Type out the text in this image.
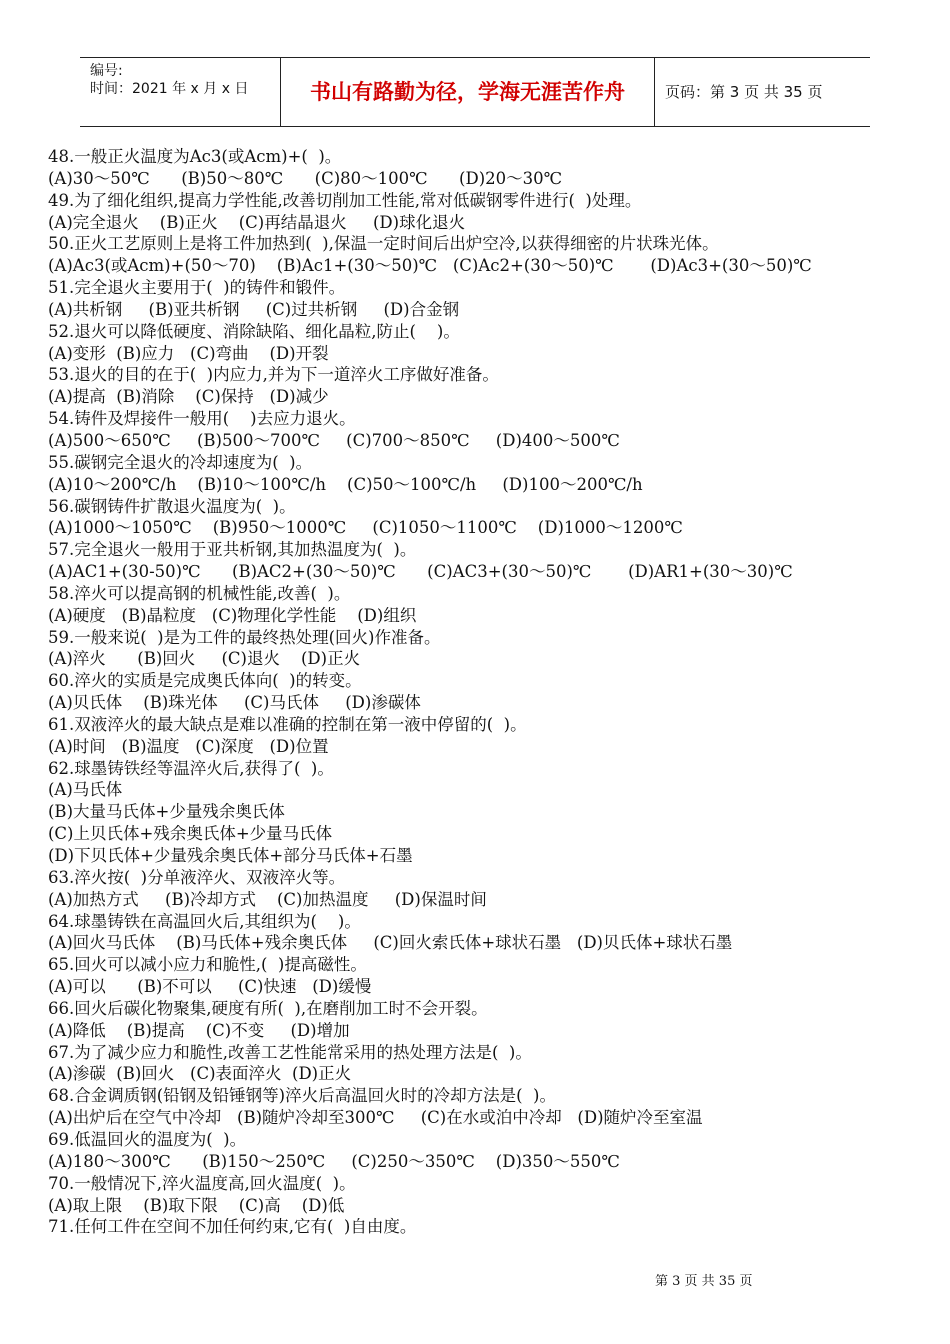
编号:
时间：2021 年 x 月 x 日	书山有路勤为径，学海无涯苦作舟	页码：第 3 页 共 35 页
48.一般正火温度为Ac3(或Acm)+(  )。
(A)30～50℃      (B)50～80℃      (C)80～100℃      (D)20～30℃
49.为了细化组织,提高力学性能,改善切削加工性能,常对低碳钢零件进行(  )处理。
(A)完全退火    (B)正火    (C)再结晶退火     (D)球化退火
50.正火工艺原则上是将工件加热到(  ),保温一定时间后出炉空冷,以获得细密的片状珠光体。
(A)Ac3(或Acm)+(50～70)    (B)Ac1+(30～50)℃   (C)Ac2+(30～50)℃       (D)Ac3+(30～50)℃
51.完全退火主要用于(  )的铸件和锻件。
(A)共析钢     (B)亚共析钢     (C)过共析钢     (D)合金钢
52.退火可以降低硬度、消除缺陷、细化晶粒,防止(    )。
(A)变形  (B)应力   (C)弯曲    (D)开裂
53.退火的目的在于(  )内应力,并为下一道淬火工序做好准备。
(A)提高  (B)消除    (C)保持   (D)减少
54.铸件及焊接件一般用(    )去应力退火。
(A)500～650℃     (B)500～700℃     (C)700～850℃     (D)400～500℃
55.碳钢完全退火的冷却速度为(  )。
(A)10～200℃/h    (B)10～100℃/h    (C)50～100℃/h     (D)100～200℃/h
56.碳钢铸件扩散退火温度为(  )。
(A)1000～1050℃    (B)950～1000℃     (C)1050～1100℃    (D)1000～1200℃
57.完全退火一般用于亚共析钢,其加热温度为(  )。
(A)AC1+(30-50)℃      (B)AC2+(30～50)℃      (C)AC3+(30～50)℃       (D)AR1+(30～30)℃
58.淬火可以提高钢的机械性能,改善(  )。
(A)硬度   (B)晶粒度   (C)物理化学性能    (D)组织
59.一般来说(  )是为工件的最终热处理(回火)作准备。
(A)淬火      (B)回火     (C)退火    (D)正火
60.淬火的实质是完成奥氏体向(  )的转变。
(A)贝氏体    (B)珠光体     (C)马氏体     (D)渗碳体
61.双液淬火的最大缺点是难以准确的控制在第一液中停留的(  )。
(A)时间   (B)温度   (C)深度   (D)位置
62.球墨铸铁经等温淬火后,获得了(  )。
(A)马氏体
(B)大量马氏体+少量残余奥氏体
(C)上贝氏体+残余奥氏体+少量马氏体
(D)下贝氏体+少量残余奥氏体+部分马氏体+石墨
63.淬火按(  )分单液淬火、双液淬火等。
(A)加热方式     (B)冷却方式    (C)加热温度     (D)保温时间
64.球墨铸铁在高温回火后,其组织为(    )。
(A)回火马氏体    (B)马氏体+残余奥氏体     (C)回火索氏体+球状石墨   (D)贝氏体+球状石墨
65.回火可以减小应力和脆性,(  )提高磁性。
(A)可以      (B)不可以     (C)快速   (D)缓慢
66.回火后碳化物聚集,硬度有所(  ),在磨削加工时不会开裂。
(A)降低    (B)提高    (C)不变     (D)增加
67.为了减少应力和脆性,改善工艺性能常采用的热处理方法是(  )。
(A)渗碳  (B)回火   (C)表面淬火  (D)正火
68.合金调质钢(铅钢及铅锤钢等)淬火后高温回火时的冷却方法是(  )。
(A)出炉后在空气中冷却   (B)随炉冷却至300℃     (C)在水或泊中冷却   (D)随炉冷至室温
69.低温回火的温度为(  )。
(A)180～300℃      (B)150～250℃     (C)250～350℃    (D)350～550℃
70.一般情况下,淬火温度高,回火温度(  )。
(A)取上限    (B)取下限    (C)高    (D)低
71.任何工件在空间不加任何约束,它有(  )自由度。
第 3 页 共 35 页
